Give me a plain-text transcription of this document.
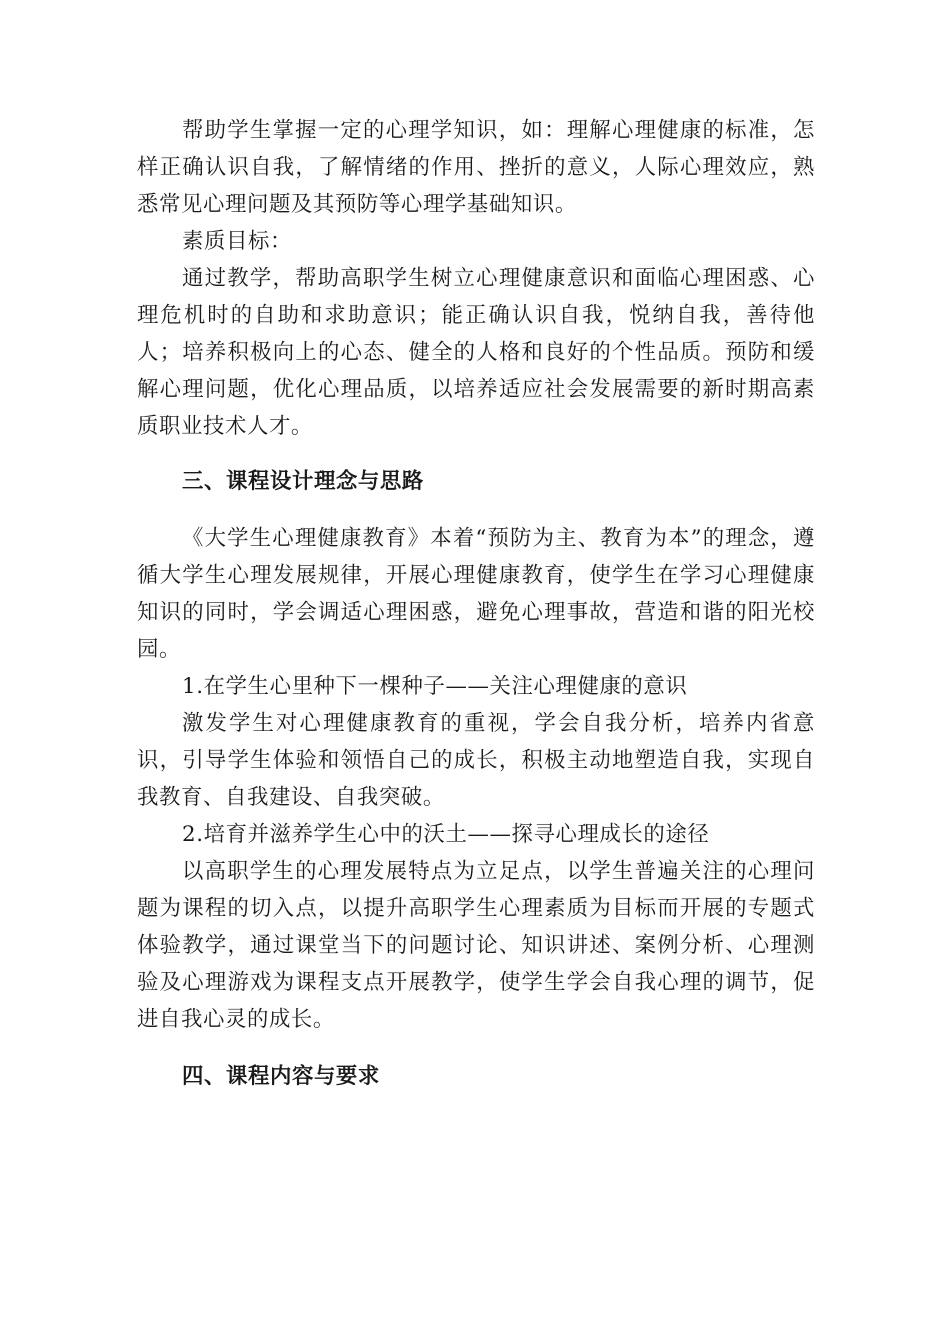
帮助学生掌握一定的心理学知识，如：理解心理健康的标准，怎样正确认识自我，了解情绪的作用、挫折的意义，人际心理效应，熟悉常见心理问题及其预防等心理学基础知识。

素质目标：

通过教学，帮助高职学生树立心理健康意识和面临心理困惑、心理危机时的自助和求助意识；能正确认识自我，悦纳自我，善待他人；培养积极向上的心态、健全的人格和良好的个性品质。预防和缓解心理问题，优化心理品质，以培养适应社会发展需要的新时期高素质职业技术人才。

三、课程设计理念与思路

《大学生心理健康教育》本着“预防为主、教育为本”的理念，遵循大学生心理发展规律，开展心理健康教育，使学生在学习心理健康知识的同时，学会调适心理困惑，避免心理事故，营造和谐的阳光校园。

1.在学生心里种下一棵种子——关注心理健康的意识

激发学生对心理健康教育的重视，学会自我分析，培养内省意识，引导学生体验和领悟自己的成长，积极主动地塑造自我，实现自我教育、自我建设、自我突破。

2.培育并滋养学生心中的沃土——探寻心理成长的途径

以高职学生的心理发展特点为立足点，以学生普遍关注的心理问题为课程的切入点，以提升高职学生心理素质为目标而开展的专题式体验教学，通过课堂当下的问题讨论、知识讲述、案例分析、心理测验及心理游戏为课程支点开展教学，使学生学会自我心理的调节，促进自我心灵的成长。

四、课程内容与要求
